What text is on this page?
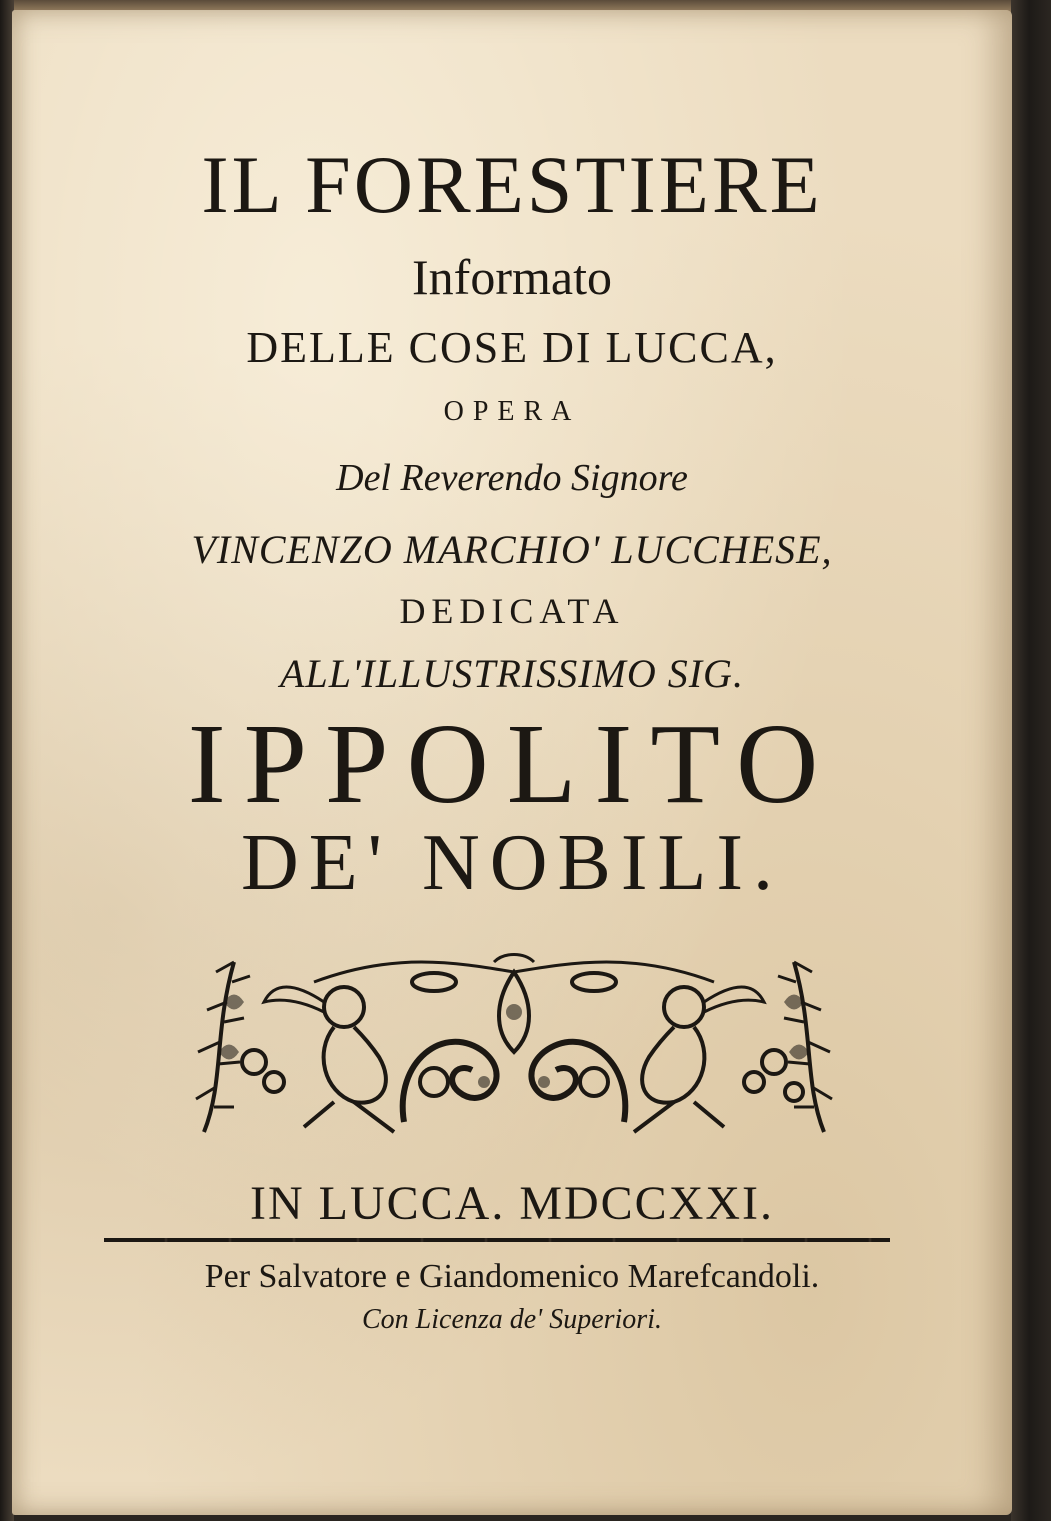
IL FORESTIERE
Informato
DELLE COSE DI LUCCA,
OPERA
Del Reverendo Signore
VINCENZO MARCHIO' LUCCHESE,
DEDICATA
ALL'ILLUSTRISSIMO SIG.
IPPOLITO
DE' NOBILI.
IN LUCCA. MDCCXXI.
Per Salvatore e Giandomenico Marefcandoli.
Con Licenza de' Superiori.
